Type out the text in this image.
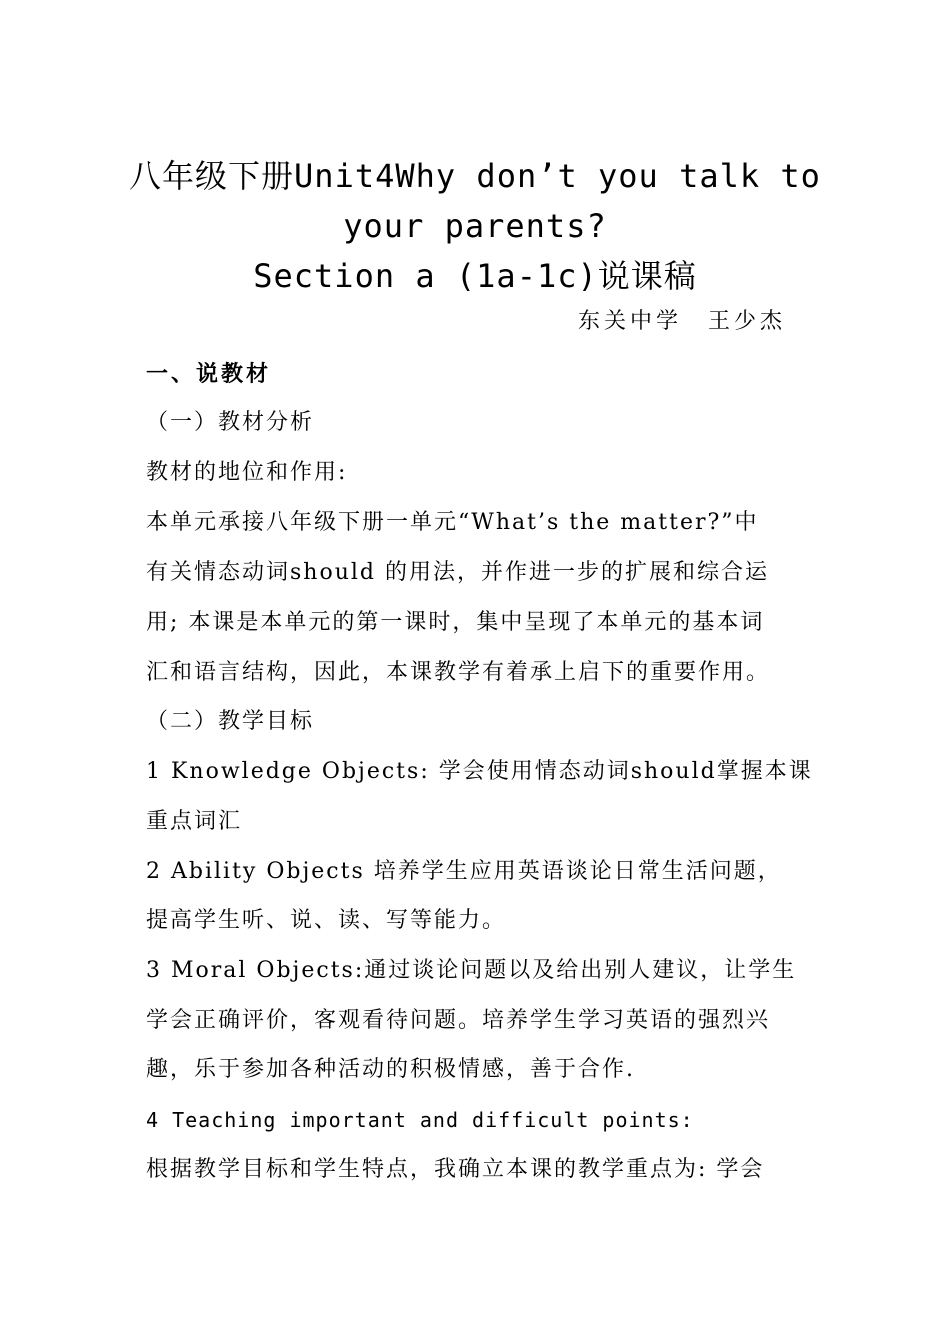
八年级下册Unit4Why don’t you talk to
your parents?
Section a (1a-1c)说课稿
东关中学 王少杰
一、说教材
（一）教材分析
教材的地位和作用:
本单元承接八年级下册一单元“What’s the matter?”中
有关情态动词should 的用法，并作进一步的扩展和综合运
用; 本课是本单元的第一课时，集中呈现了本单元的基本词
汇和语言结构，因此，本课教学有着承上启下的重要作用。
（二）教学目标
1 Knowledge Objects: 学会使用情态动词should掌握本课
重点词汇
2 Ability Objects 培养学生应用英语谈论日常生活问题，
提高学生听、说、读、写等能力。
3 Moral Objects:通过谈论问题以及给出别人建议，让学生
学会正确评价，客观看待问题。培养学生学习英语的强烈兴
趣，乐于参加各种活动的积极情感，善于合作.
4 Teaching important and difficult points:
根据教学目标和学生特点，我确立本课的教学重点为: 学会
